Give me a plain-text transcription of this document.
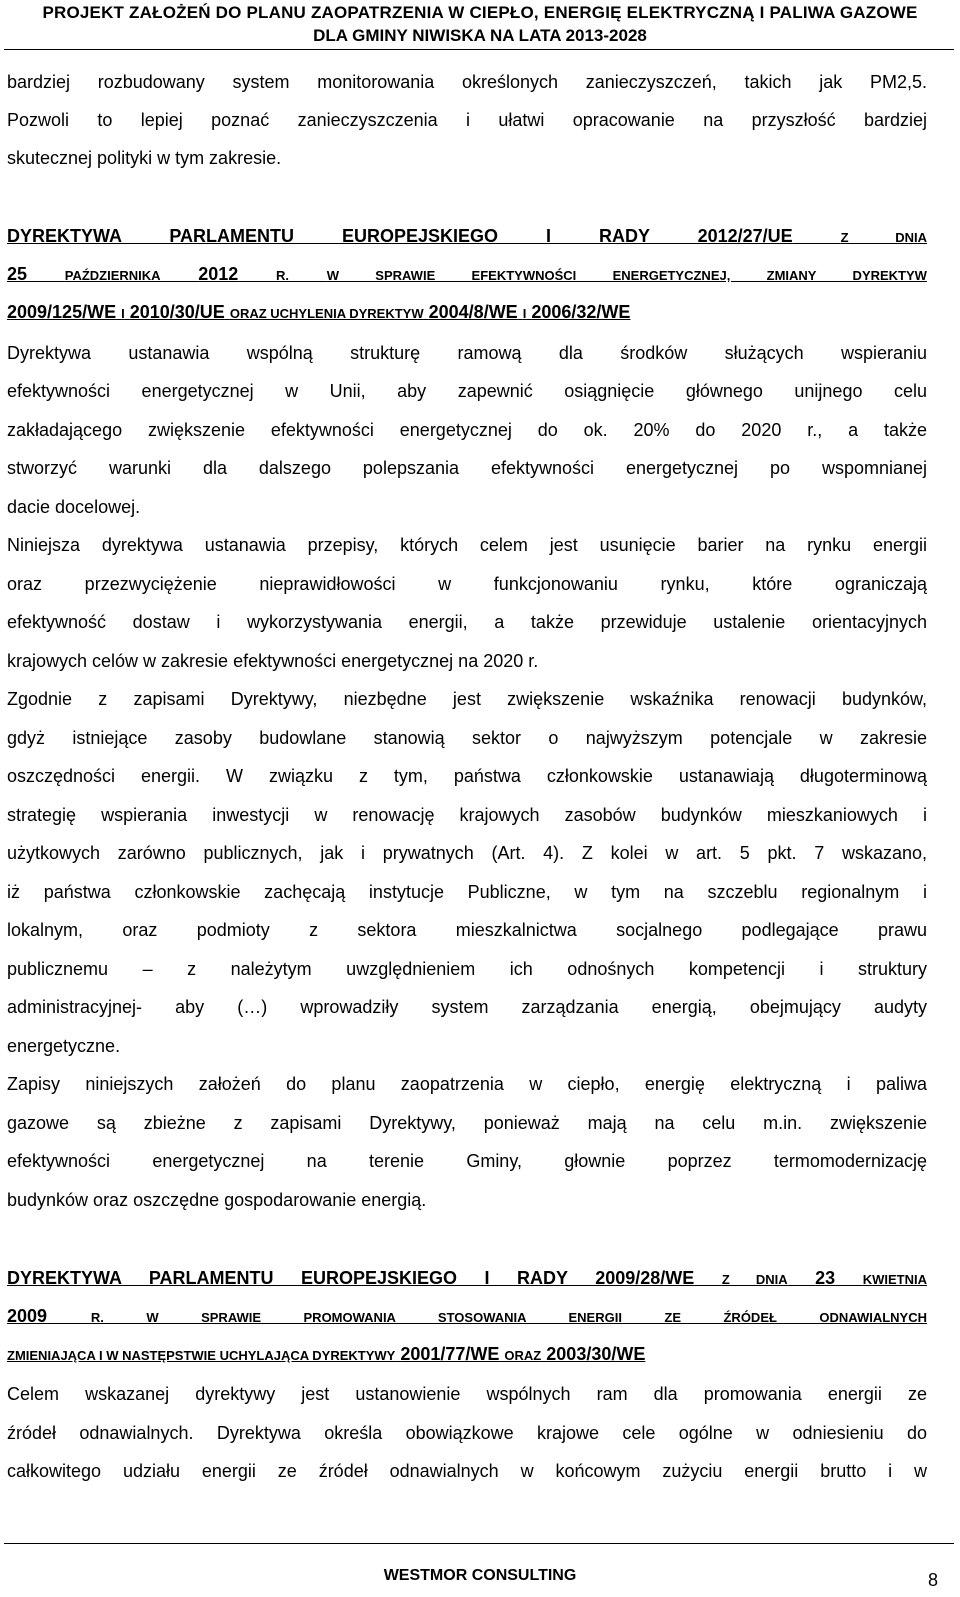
PROJEKT ZAŁOŻEŃ DO PLANU ZAOPATRZENIA W CIEPŁO, ENERGIĘ ELEKTRYCZNĄ I PALIWA GAZOWE
DLA GMINY NIWISKA NA LATA 2013-2028
bardziej rozbudowany system monitorowania określonych zanieczyszczeń, takich jak PM2,5.
Pozwoli to lepiej poznać zanieczyszczenia i ułatwi opracowanie na przyszłość bardziej
skutecznej polityki w tym zakresie.
DYREKTYWA PARLAMENTU EUROPEJSKIEGO I RADY 2012/27/UE	Z DNIA
25	PAŹDZIERNIKA 2012	R.	W SPRAWIE EFEKTYWNOŚCI ENERGETYCZNEJ, ZMIANY DYREKTYW
2009/125/WE I 2010/30/UE ORAZ UCHYLENIA DYREKTYW 2004/8/WE I 2006/32/WE
Dyrektywa ustanawia wspólną strukturę ramową dla środków służących wspieraniu
efektywności energetycznej w Unii, aby zapewnić osiągnięcie głównego unijnego celu
zakładającego zwiększenie efektywności energetycznej do ok. 20% do 2020 r., a także
stworzyć warunki dla dalszego polepszania efektywności energetycznej po wspomnianej
dacie docelowej.
Niniejsza dyrektywa ustanawia przepisy, których celem jest usunięcie barier na rynku energii
oraz przezwyciężenie nieprawidłowości w funkcjonowaniu rynku, które ograniczają
efektywność dostaw i wykorzystywania energii, a także przewiduje ustalenie orientacyjnych
krajowych celów w zakresie efektywności energetycznej na 2020 r.
Zgodnie z zapisami Dyrektywy, niezbędne jest zwiększenie wskaźnika renowacji budynków,
gdyż istniejące zasoby budowlane stanowią sektor o najwyższym potencjale w zakresie
oszczędności energii. W związku z tym, państwa członkowskie ustanawiają długoterminową
strategię wspierania inwestycji w renowację krajowych zasobów budynków mieszkaniowych i
użytkowych zarówno publicznych, jak i prywatnych (Art. 4). Z kolei w art. 5 pkt. 7 wskazano,
iż państwa członkowskie zachęcają instytucje Publiczne, w tym na szczeblu regionalnym i
lokalnym, oraz podmioty z sektora mieszkalnictwa socjalnego podlegające prawu
publicznemu – z należytym uwzględnieniem ich odnośnych kompetencji i struktury
administracyjnej- aby (…) wprowadziły system zarządzania energią, obejmujący audyty
energetyczne.
Zapisy niniejszych założeń do planu zaopatrzenia w ciepło, energię elektryczną i paliwa
gazowe są zbieżne z zapisami Dyrektywy, ponieważ mają na celu m.in. zwiększenie
efektywności energetycznej na terenie Gminy, głownie poprzez termomodernizację
budynków oraz oszczędne gospodarowanie energią.
DYREKTYWA PARLAMENTU EUROPEJSKIEGO I RADY 2009/28/WE Z DNIA 23 KWIETNIA
2009	R. W SPRAWIE PROMOWANIA STOSOWANIA ENERGII ZE ŹRÓDEŁ ODNAWIALNYCH
ZMIENIAJĄCA I W NASTĘPSTWIE UCHYLAJĄCA DYREKTYWY 2001/77/WE ORAZ 2003/30/WE
Celem wskazanej dyrektywy jest ustanowienie wspólnych ram dla promowania energii ze
źródeł odnawialnych. Dyrektywa określa obowiązkowe krajowe cele ogólne w odniesieniu do
całkowitego udziału energii ze źródeł odnawialnych w końcowym zużyciu energii brutto i w
WESTMOR CONSULTING	8
